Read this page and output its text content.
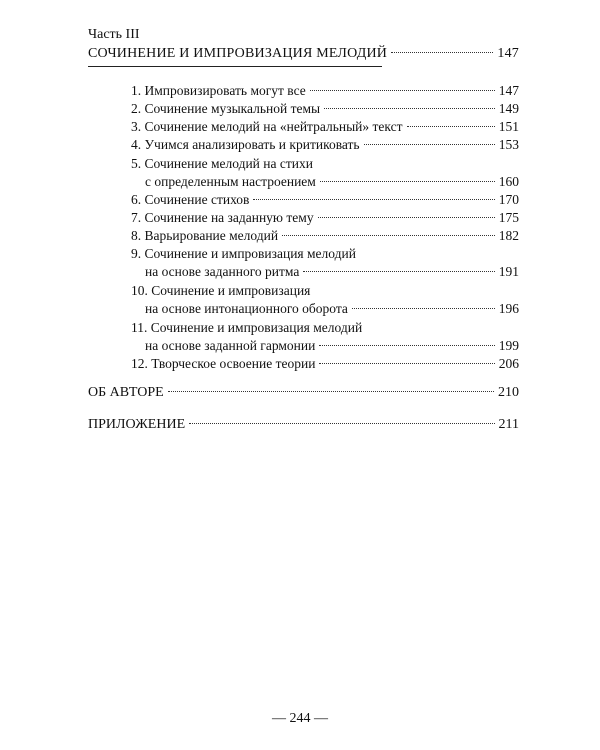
Часть III
СОЧИНЕНИЕ И ИМПРОВИЗАЦИЯ МЕЛОДИЙ	147
1. Импровизировать могут все	147
2. Сочинение музыкальной темы	149
3. Сочинение мелодий на «нейтральный» текст	151
4. Учимся анализировать и критиковать	153
5. Сочинение мелодий на стихи
с определенным настроением	160
6. Сочинение стихов	170
7. Сочинение на заданную тему	175
8. Варьирование мелодий	182
9. Сочинение и импровизация мелодий
на основе заданного ритма	191
10. Сочинение и импровизация
на основе интонационного оборота	196
11. Сочинение и импровизация мелодий
на основе заданной гармонии	199
12. Творческое освоение теории	206
ОБ АВТОРЕ	210
ПРИЛОЖЕНИЕ	211
— 244 —
